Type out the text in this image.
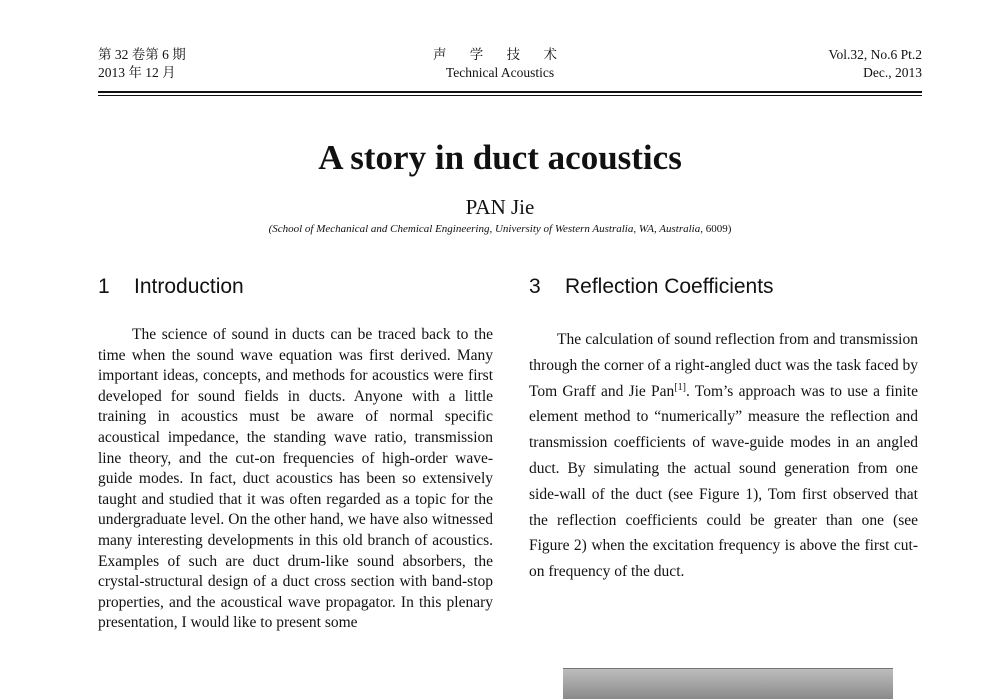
第 32 卷第 6 期
2013 年 12 月
声 学 技 术
Technical Acoustics
Vol.32, No.6 Pt.2
Dec., 2013
A story in duct acoustics
PAN Jie
(School of Mechanical and Chemical Engineering, University of Western Australia, WA, Australia, 6009)
1 Introduction	3 Reflection Coefficients

The science of sound in ducts can be traced back to the time when the sound wave equation was first derived. Many important ideas, concepts, and methods for acoustics were first developed for sound fields in ducts. Anyone with a little training in acoustics must be aware of normal specific acoustical impedance, the standing wave ratio, transmission line theory, and the cut-on frequencies of high-order wave-guide modes. In fact, duct acoustics has been so extensively taught and studied that it was often regarded as a topic for the undergraduate level. On the other hand, we have also witnessed many interesting developments in this old branch of acoustics. Examples of such are duct drum-like sound absorbers, the crystal-structural design of a duct cross section with band-stop properties, and the acoustical wave propagator. In this plenary presentation, I would like to present some

The calculation of sound reflection from and transmission through the corner of a right-angled duct was the task faced by Tom Graff and Jie Pan[1]. Tom’s approach was to use a finite element method to “numerically” measure the reflection and transmission coefficients of wave-guide modes in an angled duct. By simulating the actual sound generation from one side-wall of the duct (see Figure 1), Tom first observed that the reflection coefficients could be greater than one (see Figure 2) when the excitation frequency is above the first cut-on frequency of the duct.
